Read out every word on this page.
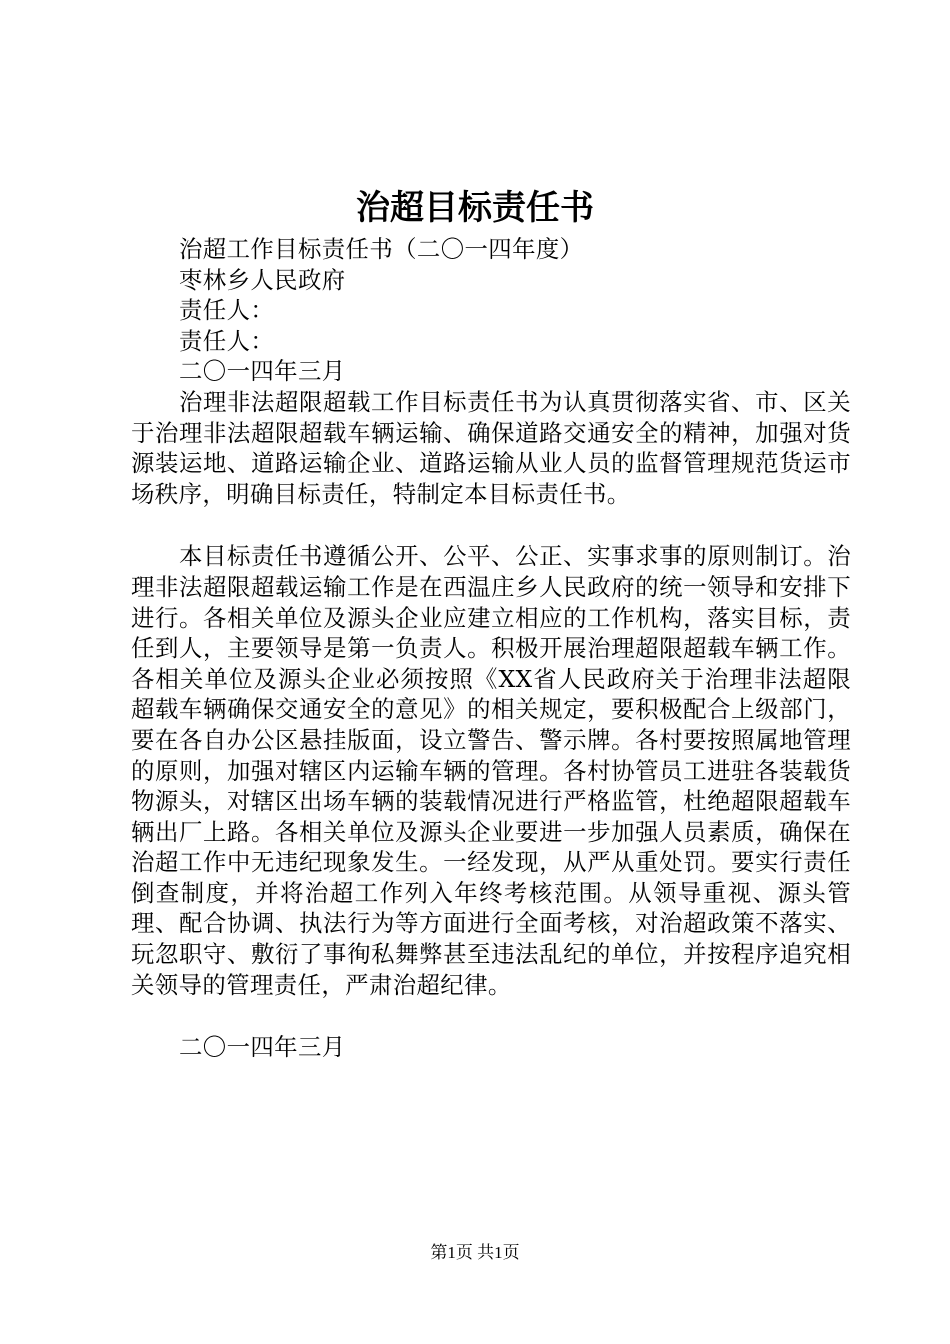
治超目标责任书
治超工作目标责任书（二〇一四年度）
枣林乡人民政府
责任人：
责任人：
二〇一四年三月

治理非法超限超载工作目标责任书为认真贯彻落实省、市、区关于治理非法超限超载车辆运输、确保道路交通安全的精神，加强对货源装运地、道路运输企业、道路运输从业人员的监督管理规范货运市场秩序，明确目标责任，特制定本目标责任书。

本目标责任书遵循公开、公平、公正、实事求事的原则制订。治理非法超限超载运输工作是在西温庄乡人民政府的统一领导和安排下进行。各相关单位及源头企业应建立相应的工作机构，落实目标，责任到人，主要领导是第一负责人。积极开展治理超限超载车辆工作。各相关单位及源头企业必须按照《XX省人民政府关于治理非法超限超载车辆确保交通安全的意见》的相关规定，要积极配合上级部门，要在各自办公区悬挂版面，设立警告、警示牌。各村要按照属地管理的原则，加强对辖区内运输车辆的管理。各村协管员工进驻各装载货物源头，对辖区出场车辆的装载情况进行严格监管，杜绝超限超载车辆出厂上路。各相关单位及源头企业要进一步加强人员素质，确保在治超工作中无违纪现象发生。一经发现，从严从重处罚。要实行责任倒查制度，并将治超工作列入年终考核范围。从领导重视、源头管理、配合协调、执法行为等方面进行全面考核，对治超政策不落实、玩忽职守、敷衍了事徇私舞弊甚至违法乱纪的单位，并按程序追究相关领导的管理责任，严肃治超纪律。

二〇一四年三月
第1页 共1页
